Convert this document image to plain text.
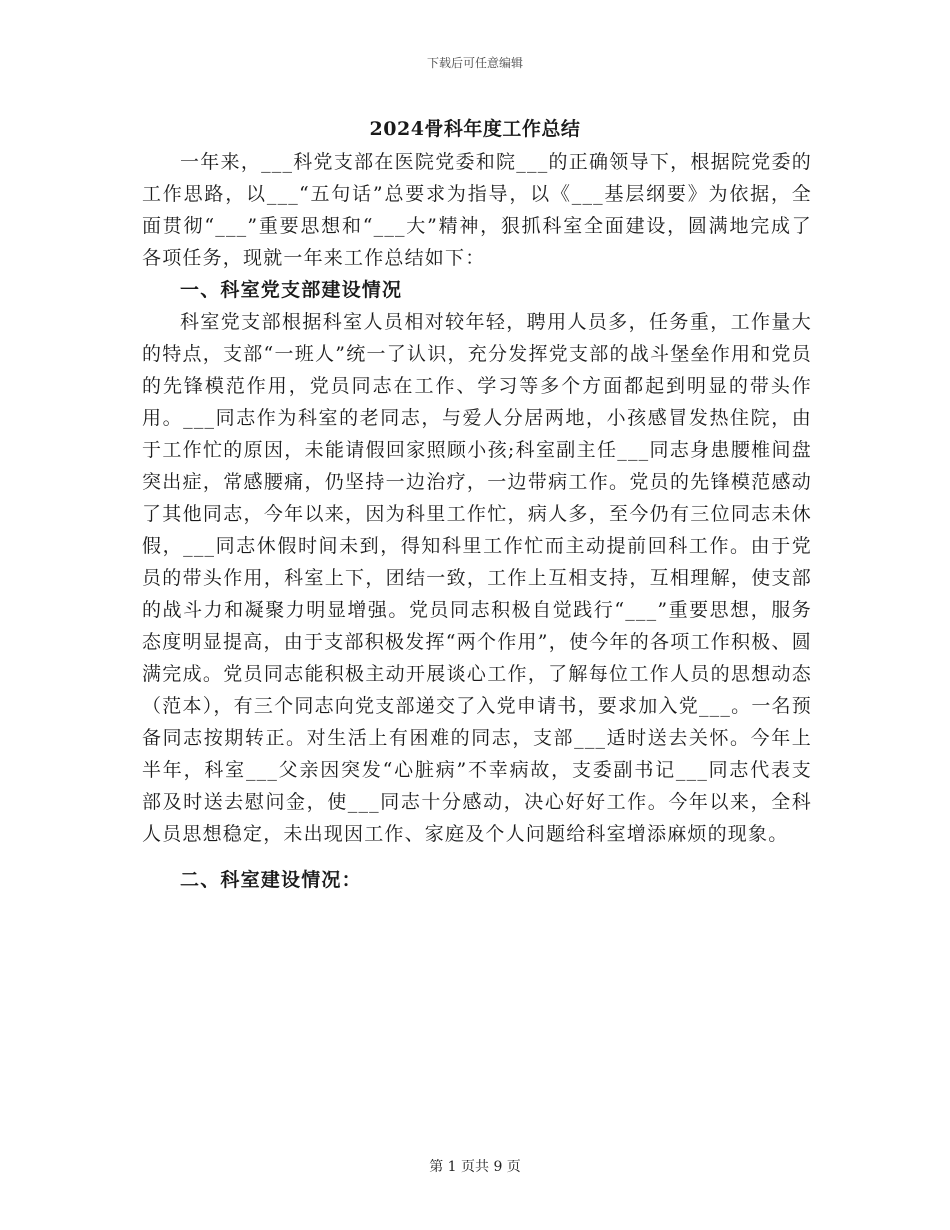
下载后可任意编辑
2024骨科年度工作总结

一年来，___科党支部在医院党委和院___的正确领导下，根据院党委的工作思路，以___“五句话”总要求为指导，以《___基层纲要》为依据，全面贯彻“___”重要思想和“___大”精神，狠抓科室全面建设，圆满地完成了各项任务，现就一年来工作总结如下：

一、科室党支部建设情况

科室党支部根据科室人员相对较年轻，聘用人员多，任务重，工作量大的特点，支部“一班人”统一了认识，充分发挥党支部的战斗堡垒作用和党员的先锋模范作用，党员同志在工作、学习等多个方面都起到明显的带头作用。___同志作为科室的老同志，与爱人分居两地，小孩感冒发热住院，由于工作忙的原因，未能请假回家照顾小孩;科室副主任___同志身患腰椎间盘突出症，常感腰痛，仍坚持一边治疗，一边带病工作。党员的先锋模范感动了其他同志，今年以来，因为科里工作忙，病人多，至今仍有三位同志未休假，___同志休假时间未到，得知科里工作忙而主动提前回科工作。由于党员的带头作用，科室上下，团结一致，工作上互相支持，互相理解，使支部的战斗力和凝聚力明显增强。党员同志积极自觉践行“___”重要思想，服务态度明显提高，由于支部积极发挥“两个作用”，使今年的各项工作积极、圆满完成。党员同志能积极主动开展谈心工作，了解每位工作人员的思想动态（范本），有三个同志向党支部递交了入党申请书，要求加入党___。一名预备同志按期转正。对生活上有困难的同志，支部___适时送去关怀。今年上半年，科室___父亲因突发“心脏病”不幸病故，支委副书记___同志代表支部及时送去慰问金，使___同志十分感动，决心好好工作。今年以来，全科人员思想稳定，未出现因工作、家庭及个人问题给科室增添麻烦的现象。

二、科室建设情况：

第 1 页共 9 页
